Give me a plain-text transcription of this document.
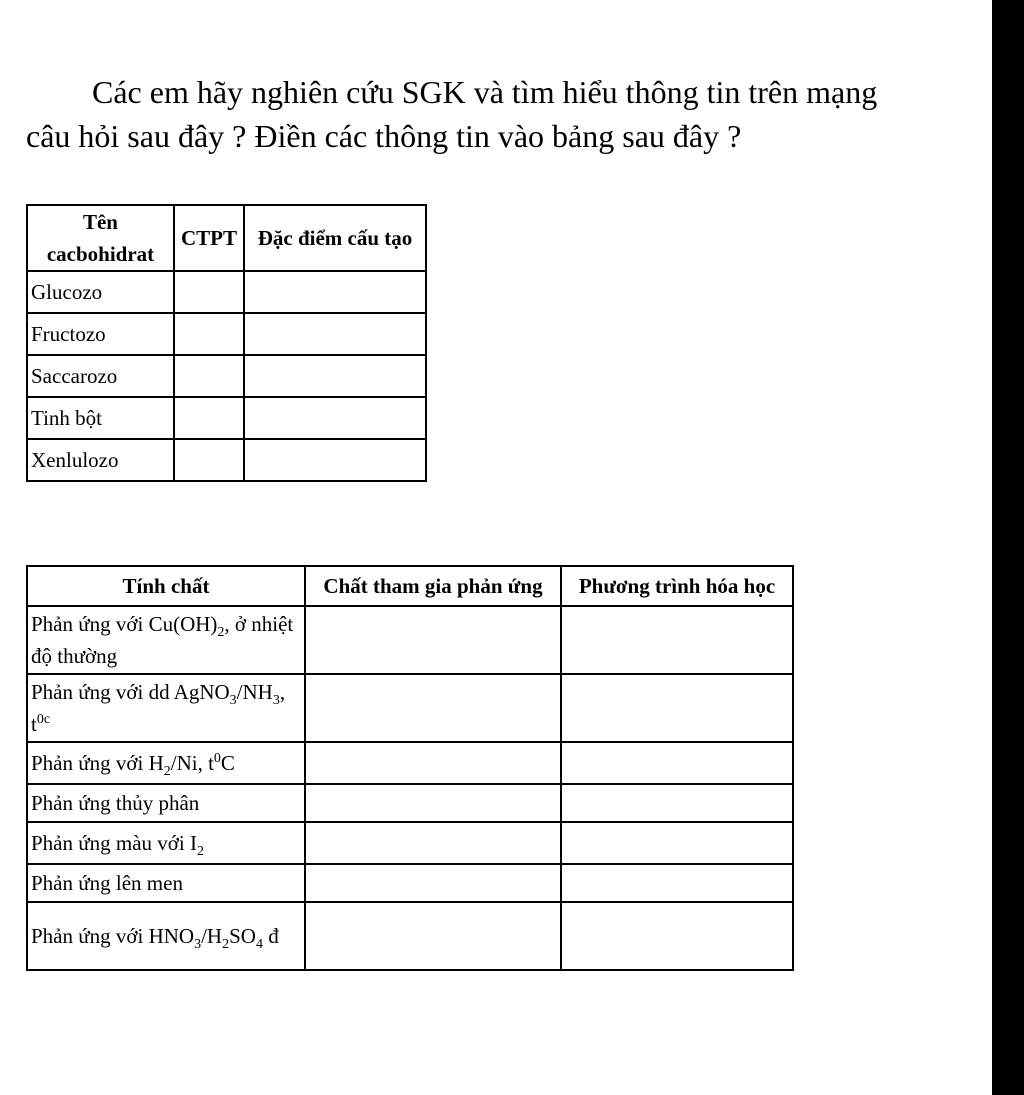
Các em hãy nghiên cứu SGK và tìm hiểu thông tin trên mạng
câu hỏi sau đây ? Điền các thông tin vào bảng sau đây ?
Tên cacbohidrat	CTPT	Đặc điểm cấu tạo
Glucozo		
Fructozo		
Saccarozo		
Tinh bột		
Xenlulozo		
Tính chất	Chất tham gia phản ứng	Phương trình hóa học
Phản ứng với $Cu(OH)_2$, ở nhiệt độ thường		
Phản ứng với dd $AgNO_3/NH_3$, $t^{0c}$		
Phản ứng với $H_2/Ni$, $t^0C$		
Phản ứng thủy phân		
Phản ứng màu với $I_2$		
Phản ứng lên men		
Phản ứng với $HNO_3/H_2SO_4$ đ		
